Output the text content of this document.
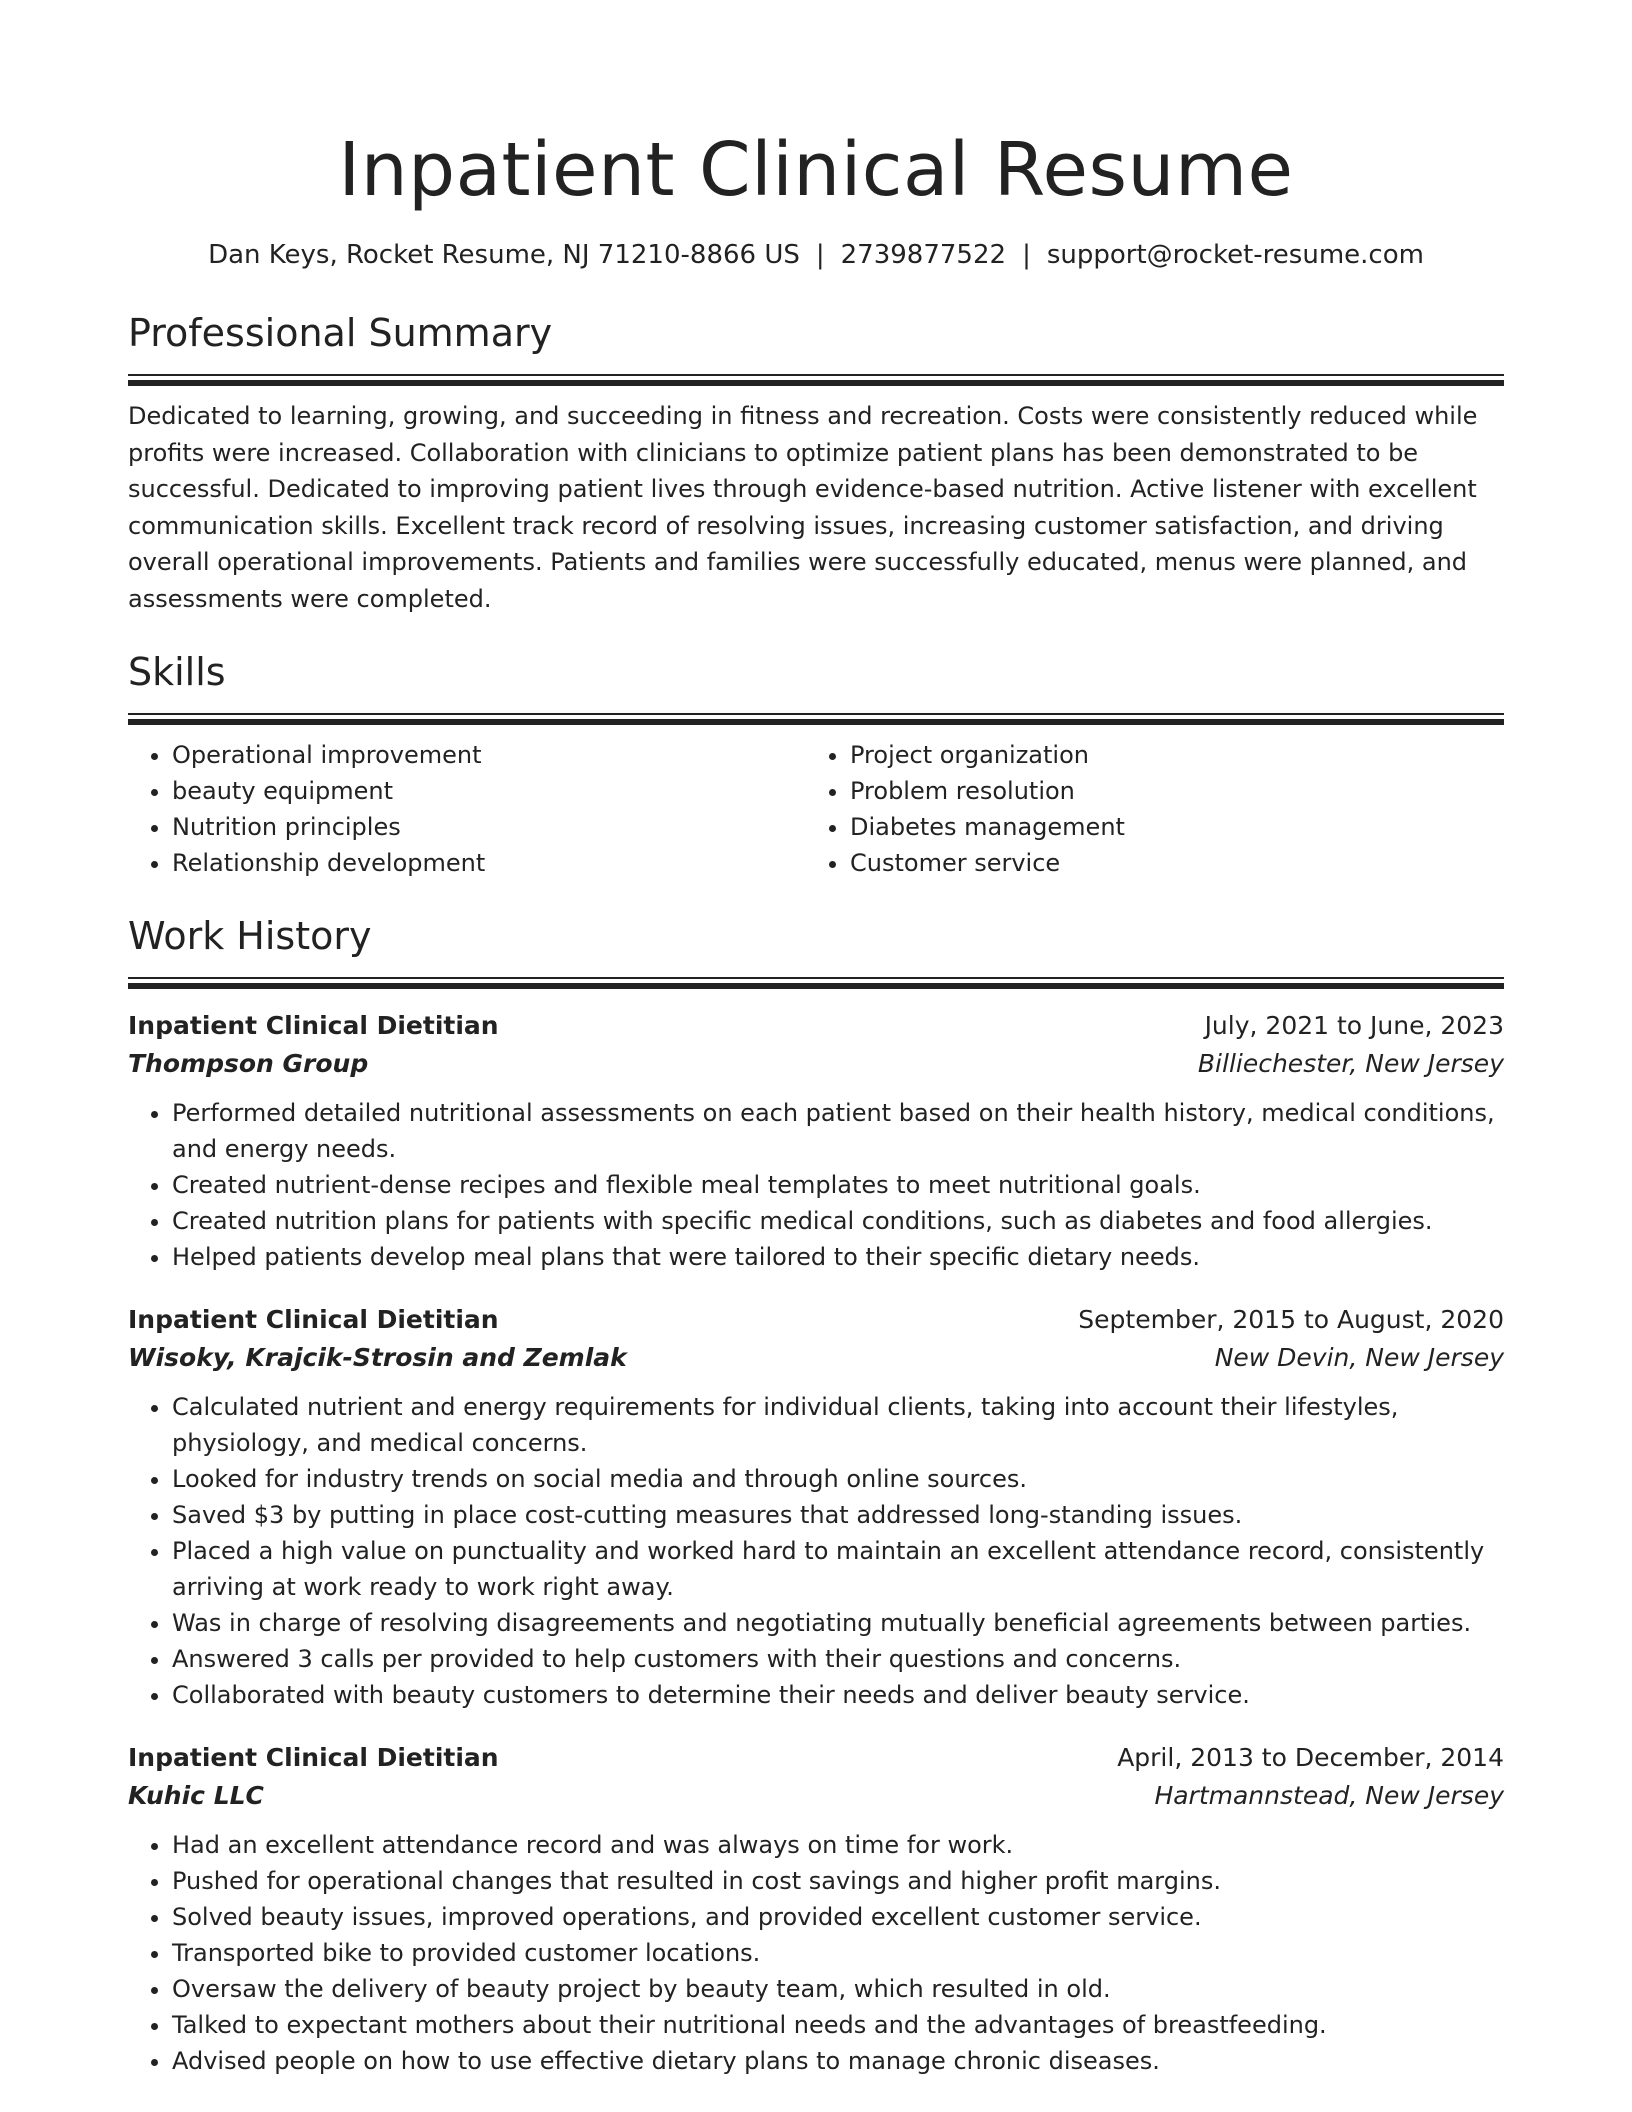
Inpatient Clinical Resume
Dan Keys, Rocket Resume, NJ 71210-8866 US | 2739877522 | support@rocket-resume.com
Professional Summary

Dedicated to learning, growing, and succeeding in fitness and recreation. Costs were consistently reduced while profits were increased. Collaboration with clinicians to optimize patient plans has been demonstrated to be successful. Dedicated to improving patient lives through evidence-based nutrition. Active listener with excellent communication skills. Excellent track record of resolving issues, increasing customer satisfaction, and driving overall operational improvements. Patients and families were successfully educated, menus were planned, and assessments were completed.

Skills
• Operational improvement
• beauty equipment
• Nutrition principles
• Relationship development
• Project organization
• Problem resolution
• Diabetes management
• Customer service
Work History
Inpatient Clinical Dietitian	July, 2021 to June, 2023
Thompson Group	Billiechester, New Jersey
• Performed detailed nutritional assessments on each patient based on their health history, medical conditions, and energy needs.
• Created nutrient-dense recipes and flexible meal templates to meet nutritional goals.
• Created nutrition plans for patients with specific medical conditions, such as diabetes and food allergies.
• Helped patients develop meal plans that were tailored to their specific dietary needs.
Inpatient Clinical Dietitian	September, 2015 to August, 2020
Wisoky, Krajcik-Strosin and Zemlak	New Devin, New Jersey
• Calculated nutrient and energy requirements for individual clients, taking into account their lifestyles, physiology, and medical concerns.
• Looked for industry trends on social media and through online sources.
• Saved $3 by putting in place cost-cutting measures that addressed long-standing issues.
• Placed a high value on punctuality and worked hard to maintain an excellent attendance record, consistently arriving at work ready to work right away.
• Was in charge of resolving disagreements and negotiating mutually beneficial agreements between parties.
• Answered 3 calls per provided to help customers with their questions and concerns.
• Collaborated with beauty customers to determine their needs and deliver beauty service.
Inpatient Clinical Dietitian	April, 2013 to December, 2014
Kuhic LLC	Hartmannstead, New Jersey
• Had an excellent attendance record and was always on time for work.
• Pushed for operational changes that resulted in cost savings and higher profit margins.
• Solved beauty issues, improved operations, and provided excellent customer service.
• Transported bike to provided customer locations.
• Oversaw the delivery of beauty project by beauty team, which resulted in old.
• Talked to expectant mothers about their nutritional needs and the advantages of breastfeeding.
• Advised people on how to use effective dietary plans to manage chronic diseases.
